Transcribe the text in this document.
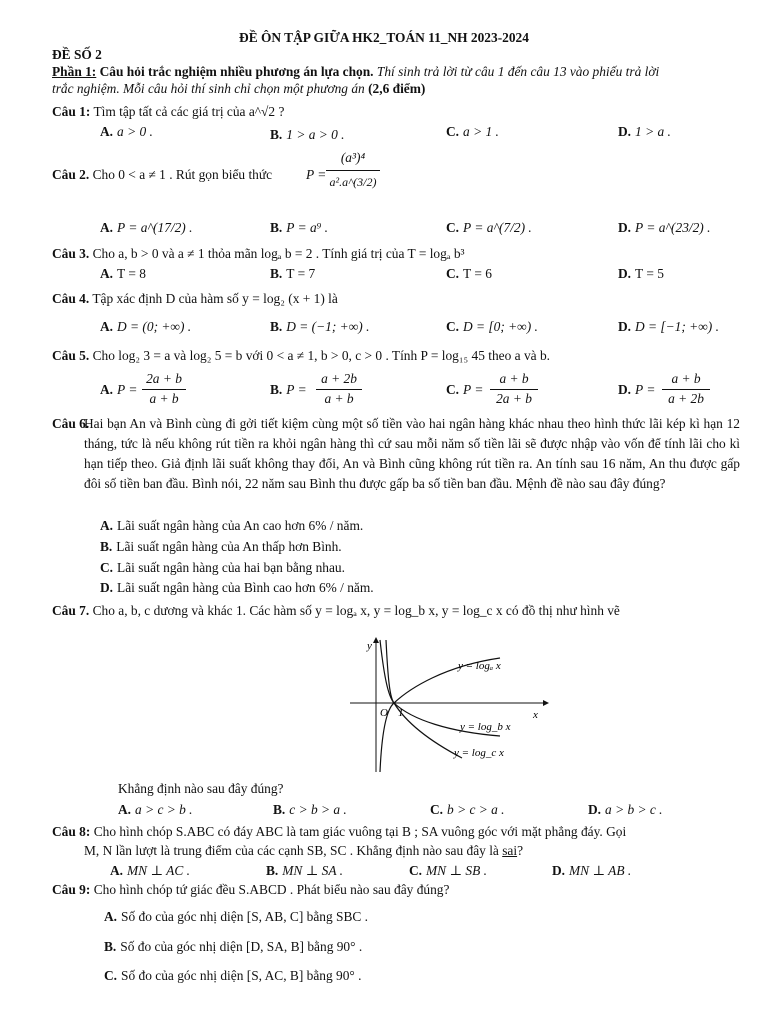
ĐỀ ÔN TẬP GIỮA HK2_TOÁN 11_NH 2023-2024
ĐỀ SỐ 2
Phần 1: Câu hỏi trắc nghiệm nhiều phương án lựa chọn. Thí sinh trả lời từ câu 1 đến câu 13 vào phiếu trả lời
trắc nghiệm. Mỗi câu hỏi thí sinh chỉ chọn một phương án (2,6 điểm)
Câu 1: Tìm tập tất cả các giá trị của a^√2 ?
A. a > 0 .	B. 1 > a > 0 .	C. a > 1 .	D. 1 > a .
Câu 2. Cho 0 < a ≠ 1 . Rút gọn biểu thức	P =
(a³)⁴
a².a^(3/2)
A. P = a^(17/2) .	B. P = a⁹ .	C. P = a^(7/2) .	D. P = a^(23/2) .
Câu 3. Cho a, b > 0 và a ≠ 1 thỏa mãn logₐ b = 2 . Tính giá trị của T = logₐ b³
A. T = 8	B. T = 7	C. T = 6	D. T = 5
Câu 4. Tập xác định D của hàm số y = log₂ (x + 1) là
A. D = (0; +∞) .	B. D = (−1; +∞) .	C. D = [0; +∞) .	D. D = [−1; +∞) .
Câu 5. Cho log₂ 3 = a và log₂ 5 = b với 0 < a ≠ 1, b > 0, c > 0 . Tính P = log₁₅ 45 theo a và b.
A. P =
2a + b
a + b
B. P =
a + 2b
a + b
C. P =
a + b
2a + b
D. P =
a + b
a + 2b
Câu 6.
Hai bạn An và Bình cùng đi gởi tiết kiệm cùng một số tiền vào hai ngân hàng khác nhau theo hình thức lãi kép kì hạn 12 tháng, tức là nếu không rút tiền ra khỏi ngân hàng thì cứ sau mỗi năm số tiền lãi sẽ được nhập vào vốn để tính lãi cho kì hạn tiếp theo. Giả định lãi suất không thay đổi, An và Bình cũng không rút tiền ra. An tính sau 16 năm, An thu được gấp đôi số tiền ban đầu. Bình nói, 22 năm sau Bình thu được gấp ba số tiền ban đầu. Mệnh đề nào sau đây đúng?
A. Lãi suất ngân hàng của An cao hơn 6% / năm.
B. Lãi suất ngân hàng của An thấp hơn Bình.
C. Lãi suất ngân hàng của hai bạn bằng nhau.
D. Lãi suất ngân hàng của Bình cao hơn 6% / năm.
Câu 7. Cho a, b, c dương và khác 1. Các hàm số y = logₐ x, y = log_b x, y = log_c x có đồ thị như hình vẽ
y
x
O 1
y = logₐ x
y = log_b x
y = log_c x
Khẳng định nào sau đây đúng?
A. a > c > b .	B. c > b > a .	C. b > c > a .	D. a > b > c .
Câu 8: Cho hình chóp S.ABC có đáy ABC là tam giác vuông tại B ; SA vuông góc với mặt phẳng đáy. Gọi
M, N lần lượt là trung điểm của các cạnh SB, SC . Khẳng định nào sau đây là sai?
A. MN ⊥ AC .	B. MN ⊥ SA .	C. MN ⊥ SB .	D. MN ⊥ AB .
Câu 9: Cho hình chóp tứ giác đều S.ABCD . Phát biểu nào sau đây đúng?
A. Số đo của góc nhị diện [S, AB, C] bằng SBC .
B. Số đo của góc nhị diện [D, SA, B] bằng 90° .
C. Số đo của góc nhị diện [S, AC, B] bằng 90° .
